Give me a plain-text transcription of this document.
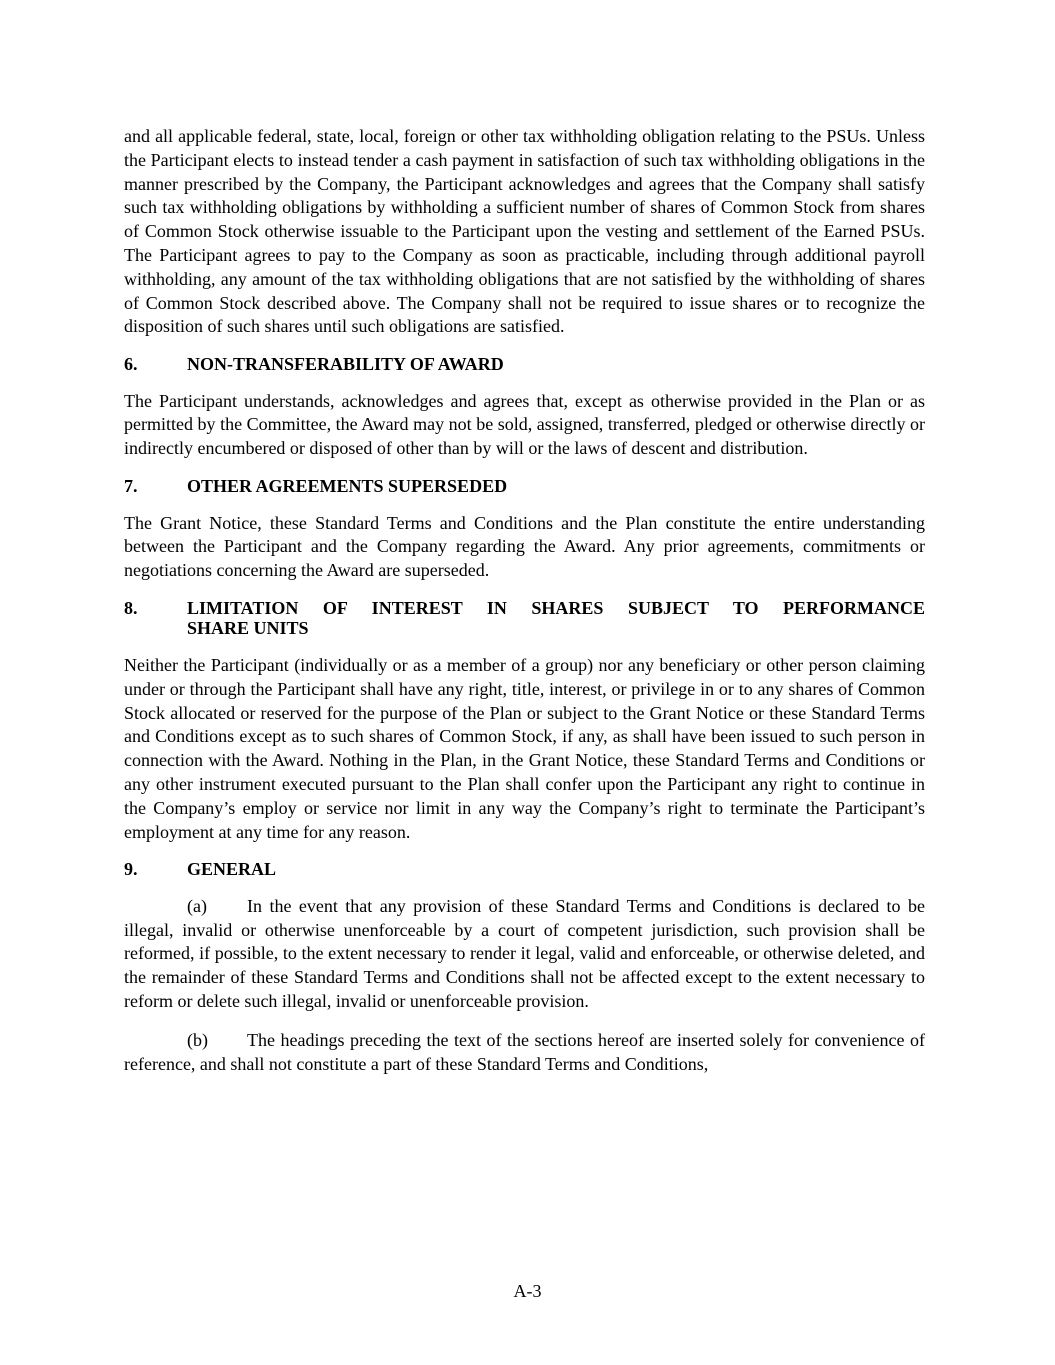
and all applicable federal, state, local, foreign or other tax withholding obligation relating to the PSUs. Unless the Participant elects to instead tender a cash payment in satisfaction of such tax withholding obligations in the manner prescribed by the Company, the Participant acknowledges and agrees that the Company shall satisfy such tax withholding obligations by withholding a sufficient number of shares of Common Stock from shares of Common Stock otherwise issuable to the Participant upon the vesting and settlement of the Earned PSUs. The Participant agrees to pay to the Company as soon as practicable, including through additional payroll withholding, any amount of the tax withholding obligations that are not satisfied by the withholding of shares of Common Stock described above. The Company shall not be required to issue shares or to recognize the disposition of such shares until such obligations are satisfied.

6.	NON-TRANSFERABILITY OF AWARD

The Participant understands, acknowledges and agrees that, except as otherwise provided in the Plan or as permitted by the Committee, the Award may not be sold, assigned, transferred, pledged or otherwise directly or indirectly encumbered or disposed of other than by will or the laws of descent and distribution.

7.	OTHER AGREEMENTS SUPERSEDED

The Grant Notice, these Standard Terms and Conditions and the Plan constitute the entire understanding between the Participant and the Company regarding the Award. Any prior agreements, commitments or negotiations concerning the Award are superseded.

8.	LIMITATION OF INTEREST IN SHARES SUBJECT TO PERFORMANCE
SHARE UNITS

Neither the Participant (individually or as a member of a group) nor any beneficiary or other person claiming under or through the Participant shall have any right, title, interest, or privilege in or to any shares of Common Stock allocated or reserved for the purpose of the Plan or subject to the Grant Notice or these Standard Terms and Conditions except as to such shares of Common Stock, if any, as shall have been issued to such person in connection with the Award. Nothing in the Plan, in the Grant Notice, these Standard Terms and Conditions or any other instrument executed pursuant to the Plan shall confer upon the Participant any right to continue in the Company’s employ or service nor limit in any way the Company’s right to terminate the Participant’s employment at any time for any reason.

9.	GENERAL

(a) In the event that any provision of these Standard Terms and Conditions is declared to be illegal, invalid or otherwise unenforceable by a court of competent jurisdiction, such provision shall be reformed, if possible, to the extent necessary to render it legal, valid and enforceable, or otherwise deleted, and the remainder of these Standard Terms and Conditions shall not be affected except to the extent necessary to reform or delete such illegal, invalid or unenforceable provision.

(b) The headings preceding the text of the sections hereof are inserted solely for convenience of reference, and shall not constitute a part of these Standard Terms and Conditions,

A-3
